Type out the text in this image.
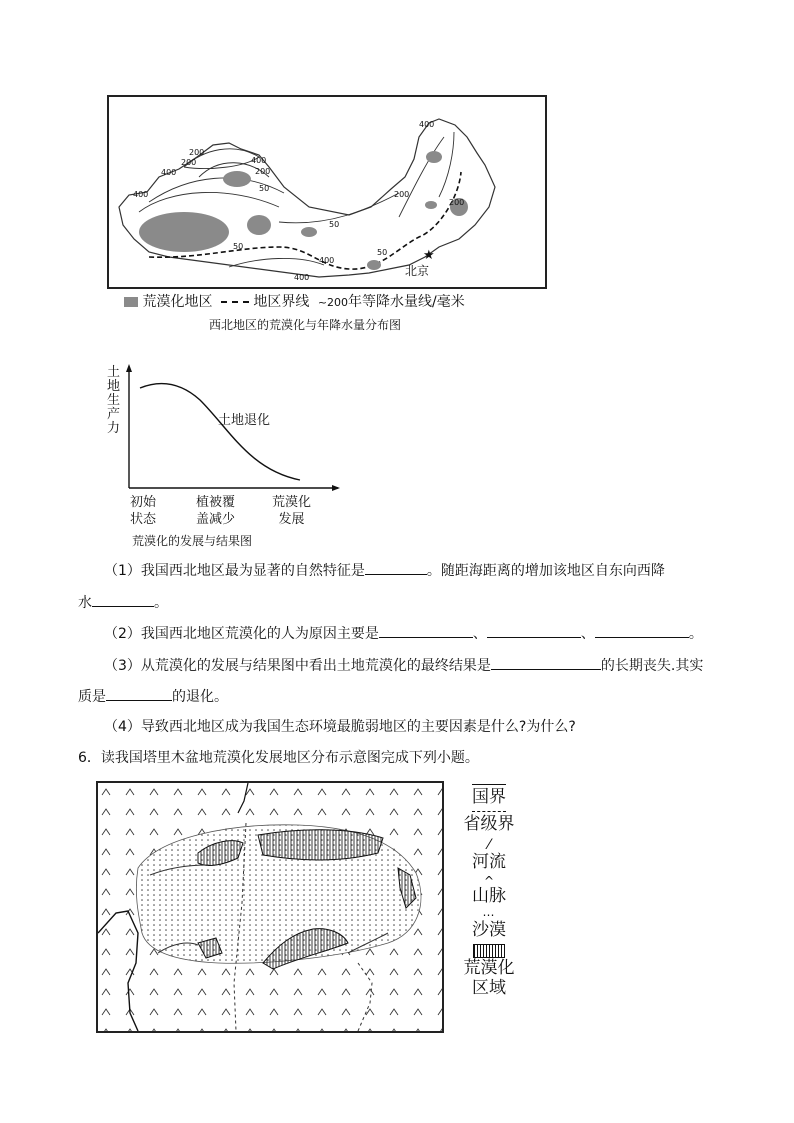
400
200
200
400
400
200
50
400
50
50
400
200
200
50
400	★
北京
荒漠化地区	地区界线 ~200年等降水量线/毫米
西北地区的荒漠化与年降水量分布图
土地退化
土地生产力
初始
状态
植被覆
盖减少
荒漠化
发展
荒漠化的发展与结果图
（1）我国西北地区最为显著的自然特征是	。随距海距离的增加该地区自东向西降
水	。
（2）我国西北地区荒漠化的人为原因主要是	、	、	。
（3）从荒漠化的发展与结果图中看出土地荒漠化的最终结果是	的长期丧失.其实
质是	的退化。
（4）导致西北地区成为我国生态环境最脆弱地区的主要因素是什么?为什么?
6．读我国塔里木盆地荒漠化发展地区分布示意图完成下列小题。
国界
省级界
⁄
河流
^
山脉
⋯
沙漠
荒漠化
区域
